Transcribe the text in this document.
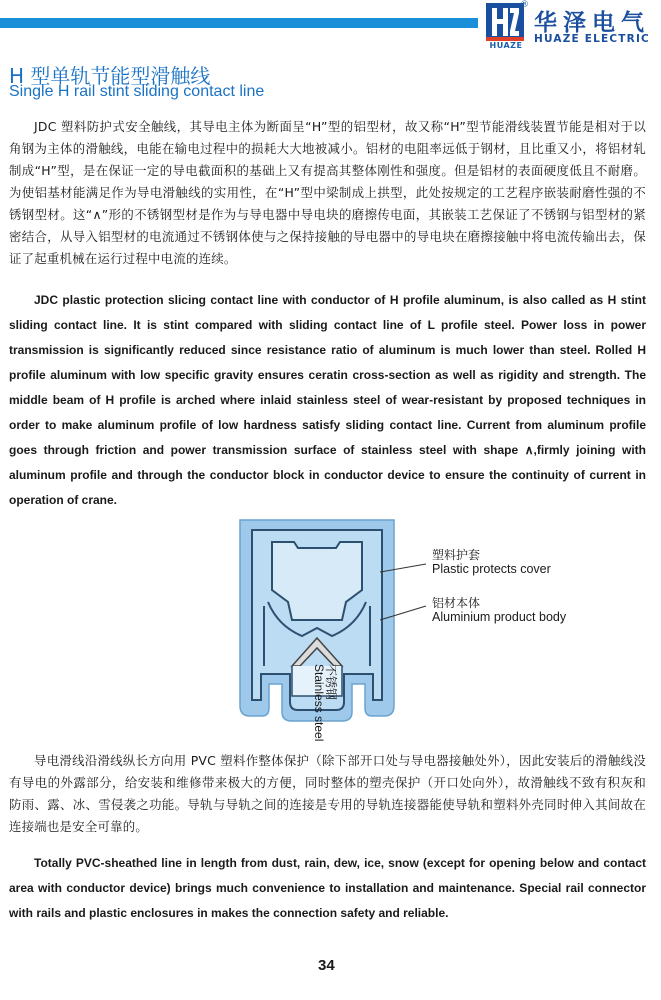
®
HUAZE
华泽电气
HUAZE ELECTRIC
H 型单轨节能型滑触线
Single H rail stint sliding contact line

JDC 塑料防护式安全触线，其导电主体为断面呈“H”型的铝型材，故又称“H”型节能滑线装置节能是相对于以角钢为主体的滑触线，电能在输电过程中的损耗大大地被减小。铝材的电阻率远低于钢材，且比重又小，将铝材轧制成“H”型，是在保证一定的导电截面积的基础上又有提高其整体刚性和强度。但是铝材的表面硬度低且不耐磨。为使铝基材能满足作为导电滑触线的实用性，在“H”型中梁制成上拱型，此处按规定的工艺程序嵌装耐磨性强的不锈钢型材。这“∧”形的不锈钢型材是作为与导电器中导电块的磨擦传电面，其嵌装工艺保证了不锈钢与铝型材的紧密结合，从导入铝型材的电流通过不锈钢体使与之保持接触的导电器中的导电块在磨擦接触中将电流传输出去，保证了起重机械在运行过程中电流的连续。

JDC plastic protection slicing contact line with conductor of H profile aluminum, is also called as H stint sliding contact line. It is stint compared with sliding contact line of L profile steel. Power loss in power transmission is significantly reduced since resistance ratio of aluminum is much lower than steel. Rolled H profile aluminum with low specific gravity ensures ceratin cross-section as well as rigidity and strength. The middle beam of H profile is arched where inlaid stainless steel of wear-resistant by proposed techniques in order to make aluminum profile of low hardness satisfy sliding contact line. Current from aluminum profile goes through friction and power transmission surface of stainless steel with shape ∧,firmly joining with aluminum profile and through the conductor block in conductor device to ensure the continuity of current in operation of crane.

塑料护套
Plastic protects cover
铝材本体
Aluminium product body
不锈钢
Stainless steel

导电滑线沿滑线纵长方向用 PVC 塑料作整体保护（除下部开口处与导电器接触处外），因此安装后的滑触线没有导电的外露部分，给安装和维修带来极大的方便，同时整体的塑壳保护（开口处向外），故滑触线不致有积灰和防雨、露、冰、雪侵袭之功能。导轨与导轨之间的连接是专用的导轨连接器能使导轨和塑料外壳同时伸入其间故在连接端也是安全可靠的。

Totally PVC-sheathed line in length from dust, rain, dew, ice, snow (except for opening below and contact area with conductor device) brings much convenience to installation and maintenance. Special rail connector with rails and plastic enclosures in makes the connection safety and reliable.

34
